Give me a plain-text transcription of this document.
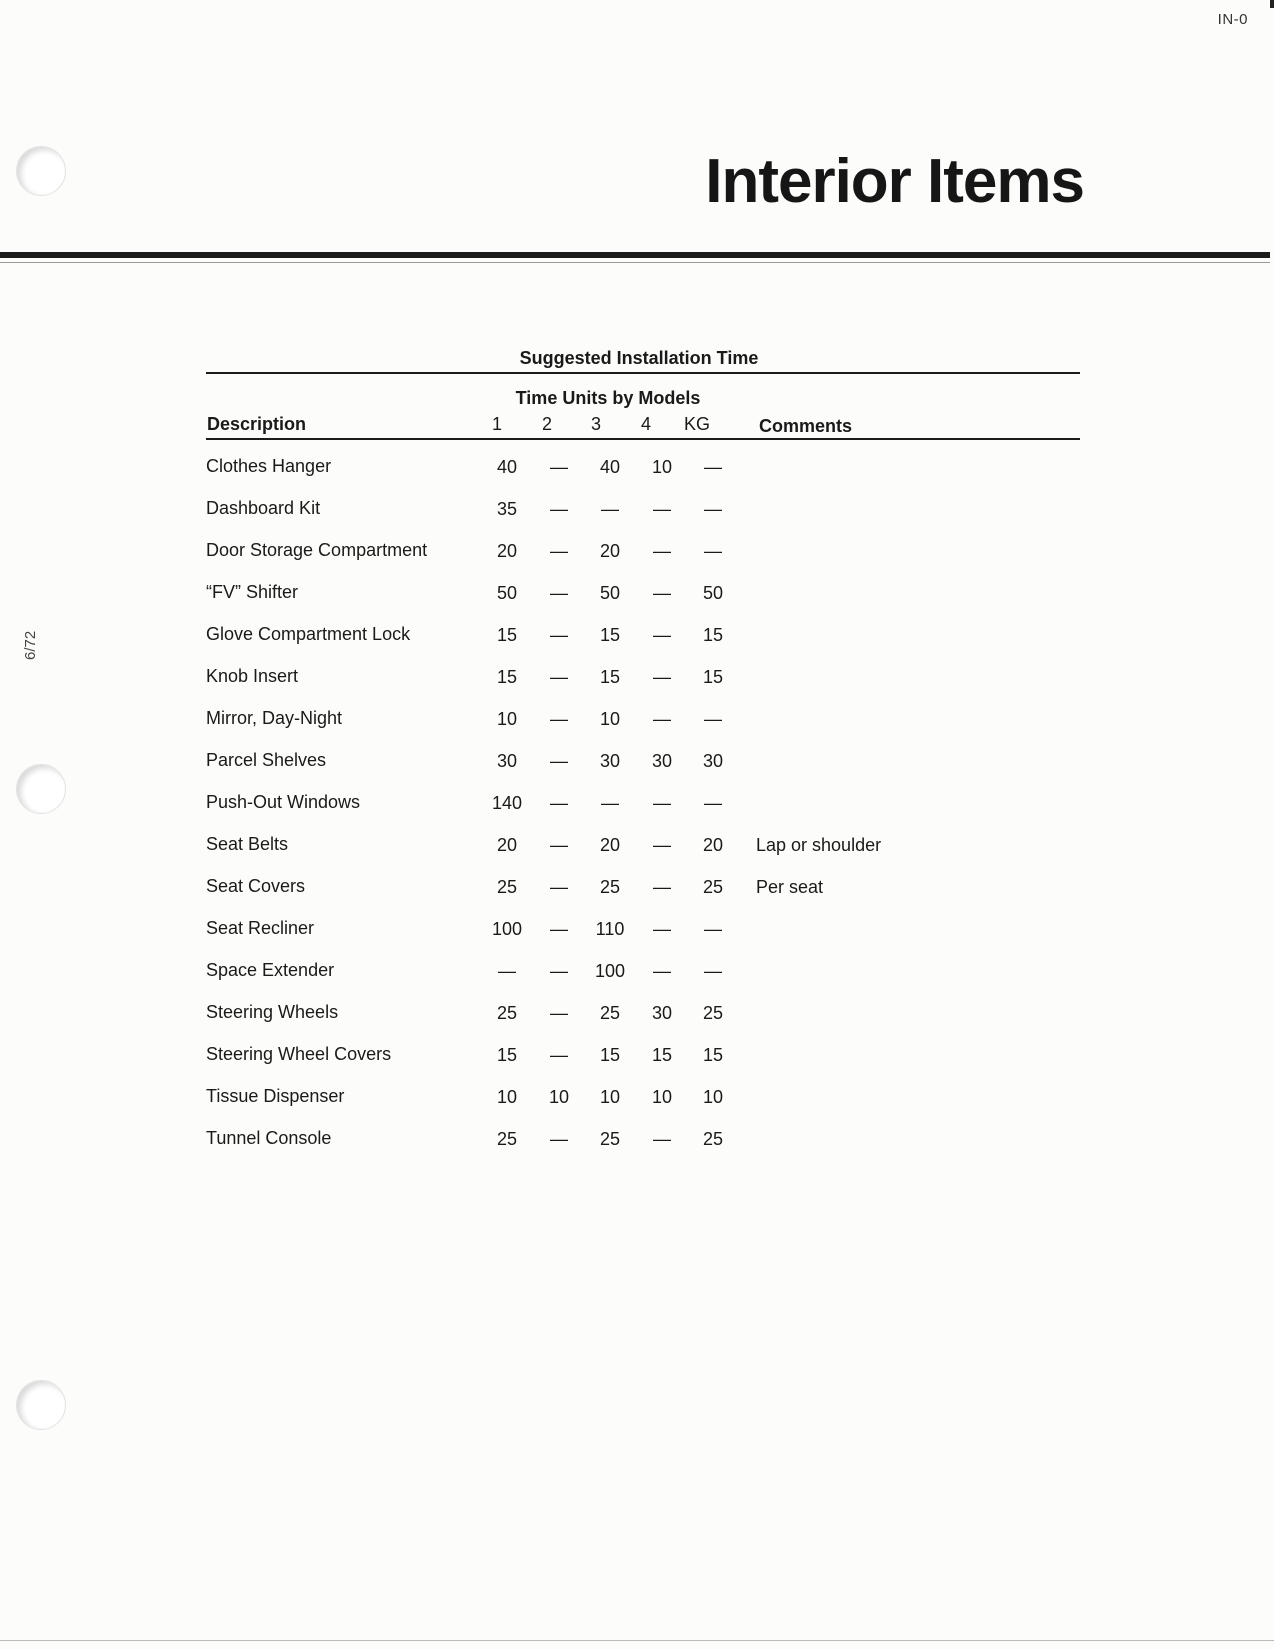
IN-0
Interior Items
6/72
Suggested Installation Time
Time Units by Models
Description	1	2	3	4	KG	Comments
Clothes Hanger	40	—	40	10	—
Dashboard Kit	35	—	—	—	—
Door Storage Compartment	20	—	20	—	—
“FV” Shifter	50	—	50	—	50
Glove Compartment Lock	15	—	15	—	15
Knob Insert	15	—	15	—	15
Mirror, Day-Night	10	—	10	—	—
Parcel Shelves	30	—	30	30	30
Push-Out Windows	140	—	—	—	—
Seat Belts	20	—	20	—	20	Lap or shoulder
Seat Covers	25	—	25	—	25	Per seat
Seat Recliner	100	—	110	—	—
Space Extender	—	—	100	—	—
Steering Wheels	25	—	25	30	25
Steering Wheel Covers	15	—	15	15	15
Tissue Dispenser	10	10	10	10	10
Tunnel Console	25	—	25	—	25
